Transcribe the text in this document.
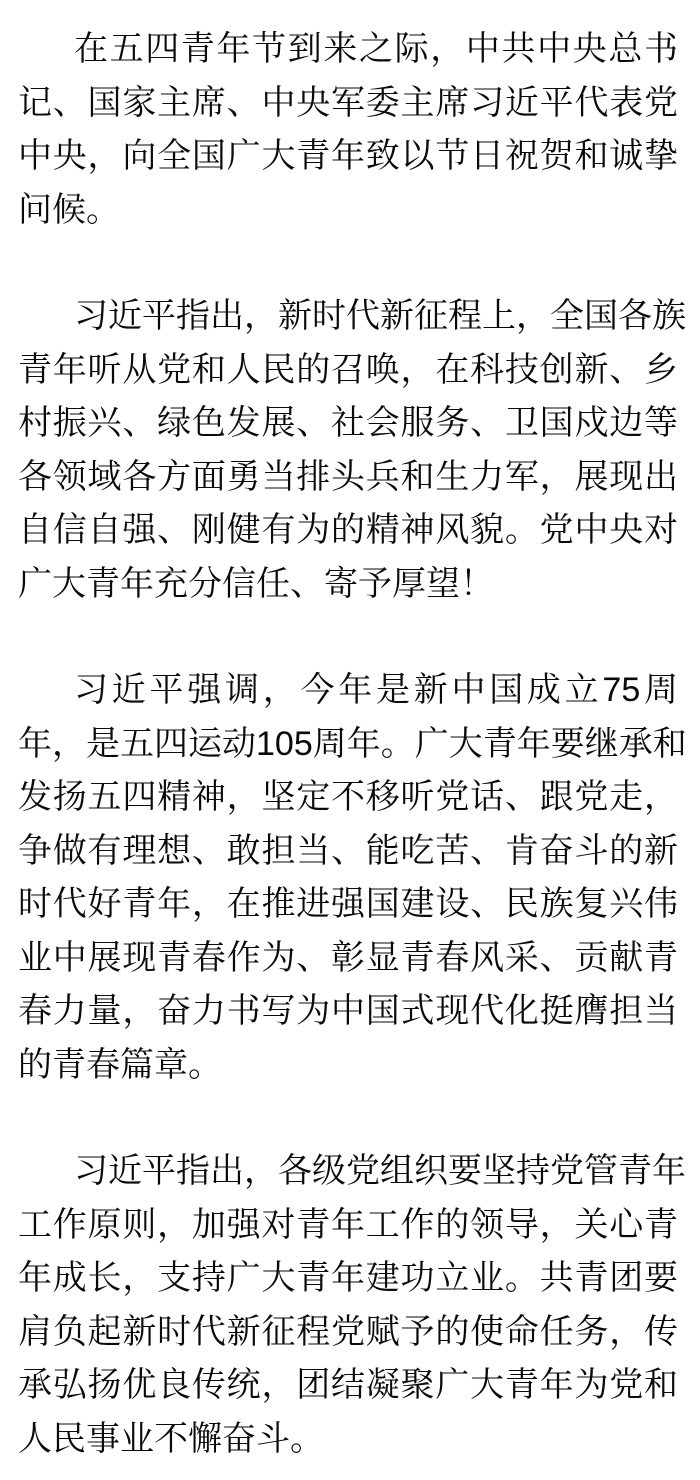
在五四青年节到来之际，中共中央总书
记、国家主席、中央军委主席习近平代表党
中央，向全国广大青年致以节日祝贺和诚挚
问候。
习近平指出，新时代新征程上，全国各族
青年听从党和人民的召唤，在科技创新、乡
村振兴、绿色发展、社会服务、卫国戍边等
各领域各方面勇当排头兵和生力军，展现出
自信自强、刚健有为的精神风貌。党中央对
广大青年充分信任、寄予厚望！
习近平强调，今年是新中国成立75周
年，是五四运动105周年。广大青年要继承和
发扬五四精神，坚定不移听党话、跟党走，
争做有理想、敢担当、能吃苦、肯奋斗的新
时代好青年，在推进强国建设、民族复兴伟
业中展现青春作为、彰显青春风采、贡献青
春力量，奋力书写为中国式现代化挺膺担当
的青春篇章。
习近平指出，各级党组织要坚持党管青年
工作原则，加强对青年工作的领导，关心青
年成长，支持广大青年建功立业。共青团要
肩负起新时代新征程党赋予的使命任务，传
承弘扬优良传统，团结凝聚广大青年为党和
人民事业不懈奋斗。
